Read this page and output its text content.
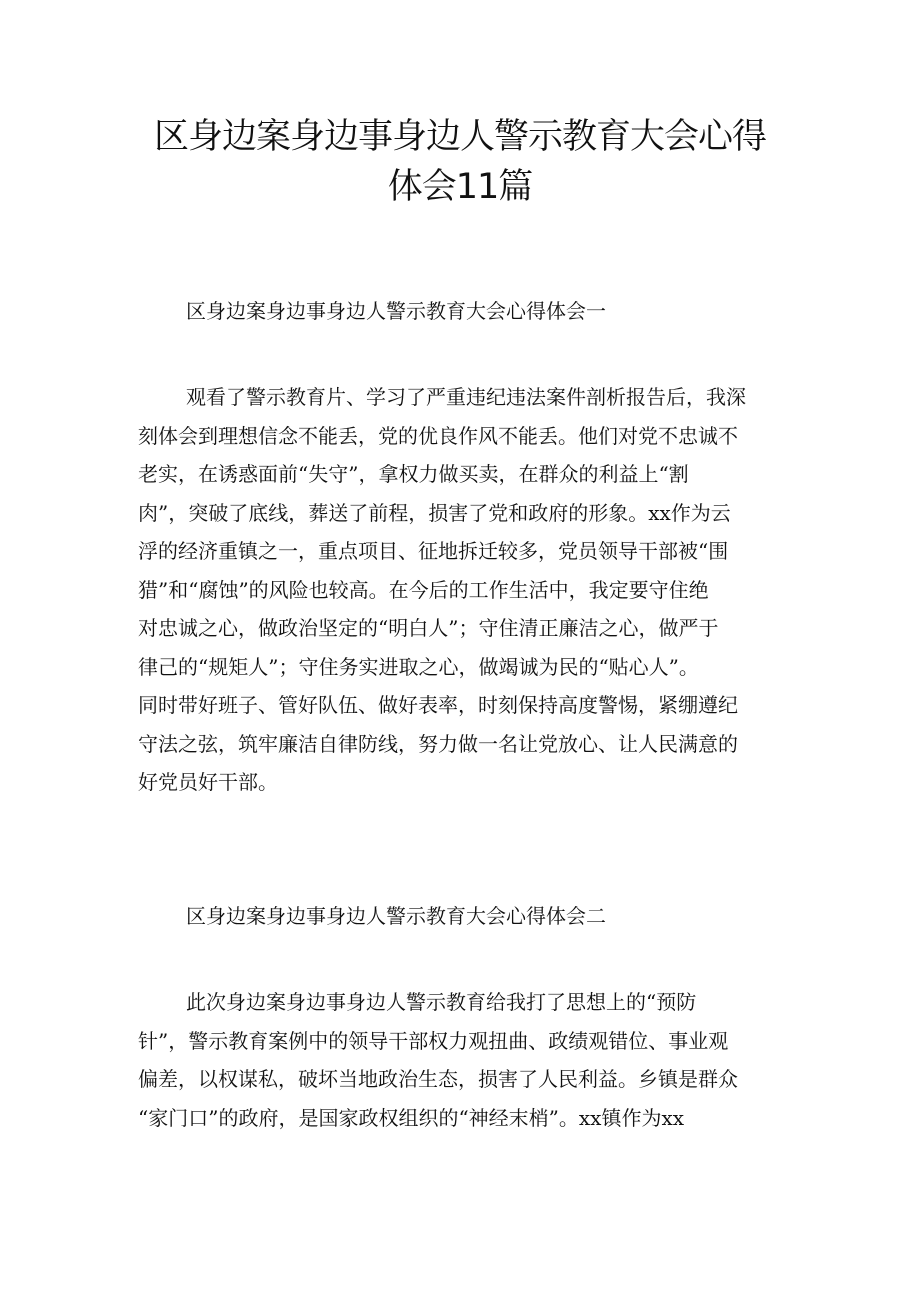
区身边案身边事身边人警示教育大会心得
体会11篇
区身边案身边事身边人警示教育大会心得体会一
观看了警示教育片、学习了严重违纪违法案件剖析报告后，我深
刻体会到理想信念不能丢，党的优良作风不能丢。他们对党不忠诚不
老实，在诱惑面前“失守”，拿权力做买卖，在群众的利益上“割
肉”，突破了底线，葬送了前程，损害了党和政府的形象。xx作为云
浮的经济重镇之一，重点项目、征地拆迁较多，党员领导干部被“围
猎”和“腐蚀”的风险也较高。在今后的工作生活中，我定要守住绝
对忠诚之心，做政治坚定的“明白人”；守住清正廉洁之心，做严于
律己的“规矩人”；守住务实进取之心，做竭诚为民的“贴心人”。
同时带好班子、管好队伍、做好表率，时刻保持高度警惕，紧绷遵纪
守法之弦，筑牢廉洁自律防线，努力做一名让党放心、让人民满意的
好党员好干部。
区身边案身边事身边人警示教育大会心得体会二
此次身边案身边事身边人警示教育给我打了思想上的“预防
针”，警示教育案例中的领导干部权力观扭曲、政绩观错位、事业观
偏差，以权谋私，破坏当地政治生态，损害了人民利益。乡镇是群众
“家门口”的政府，是国家政权组织的“神经末梢”。xx镇作为xx
